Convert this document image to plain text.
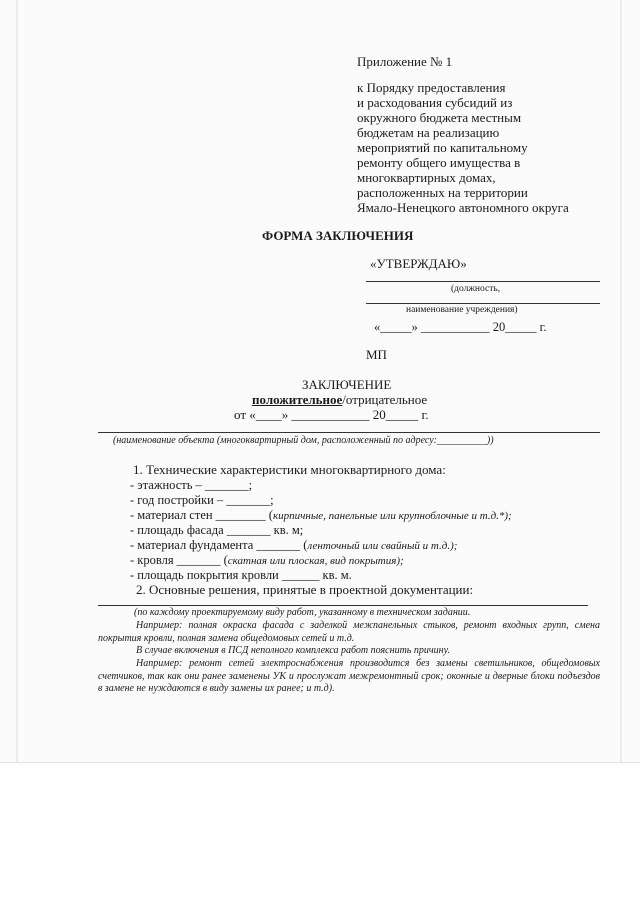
Приложение № 1
к Порядку предоставления
и расходования субсидий из
окружного бюджета местным
бюджетам на реализацию
мероприятий по капитальному
ремонту общего имущества в
многоквартирных домах,
расположенных на территории
Ямало-Ненецкого автономного округа
ФОРМА ЗАКЛЮЧЕНИЯ
«УТВЕРЖДАЮ»
(должность,
наименование учреждения)
«_____» ___________ 20_____ г.
МП
ЗАКЛЮЧЕНИЕ
положительное/отрицательное
от «____» ____________ 20_____ г.
(наименование объекта (многоквартирный дом, расположенный по адресу:__________))
1. Технические характеристики многоквартирного дома:
- этажность – _______;
- год постройки – _______;
- материал стен ________ (кирпичные, панельные или крупноблочные и т.д.*);
- площадь фасада _______ кв. м;
- материал фундамента _______ (ленточный или свайный и т.д.);
- кровля _______ (скатная или плоская, вид покрытия);
- площадь покрытия кровли ______ кв. м.
2. Основные решения, принятые в проектной документации:
(по каждому проектируемому виду работ, указанному в техническом задании.
Например: полная окраска фасада с заделкой межпанельных стыков, ремонт входных групп, смена покрытия кровли, полная замена общедомовых сетей и т.д.
В случае включения в ПСД неполного комплекса работ пояснить причину.
Например: ремонт сетей электроснабжения производится без замены светильников, общедомовых счетчиков, так как они ранее заменены УК и прослужат межремонтный срок; оконные и дверные блоки подъездов в замене не нуждаются в виду замены их ранее; и т.д).
